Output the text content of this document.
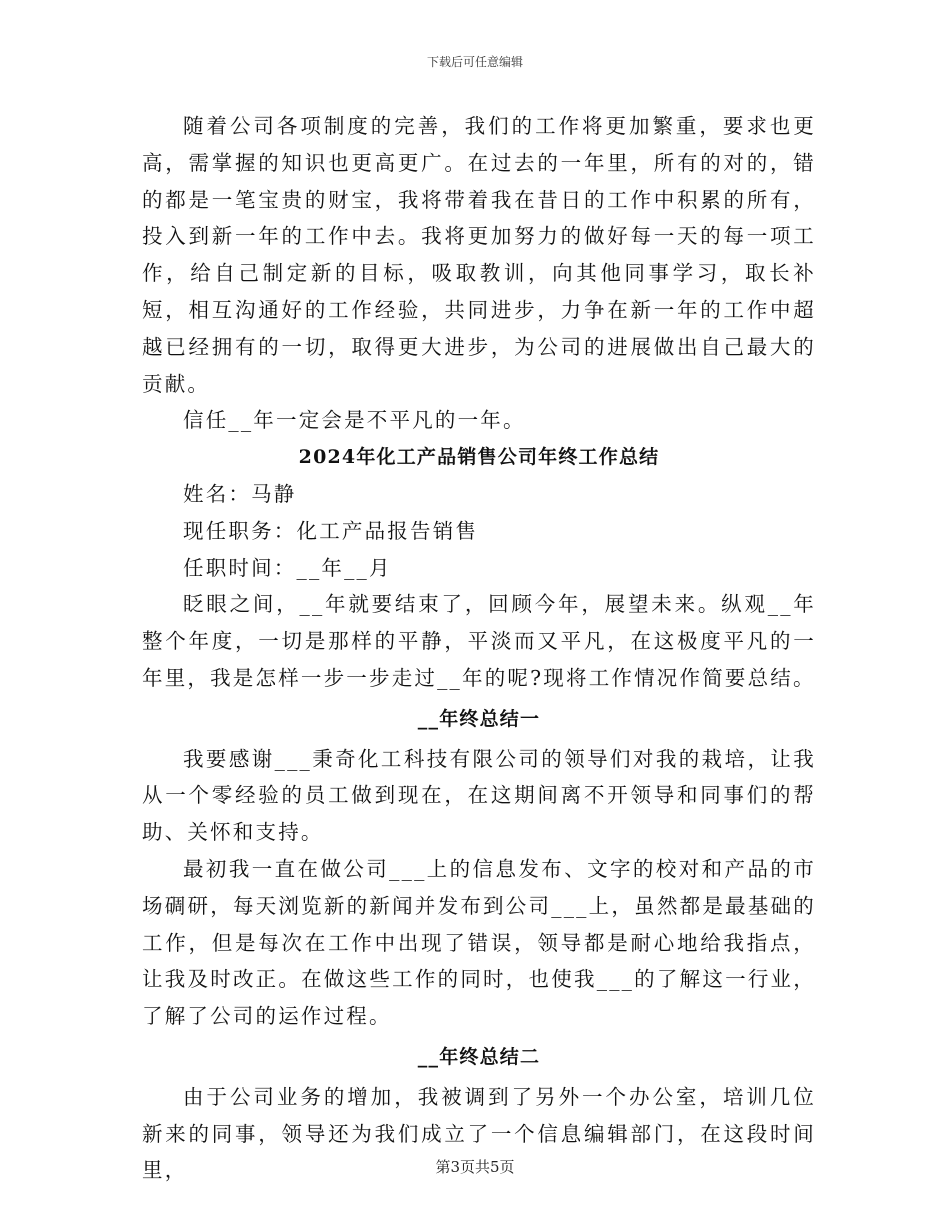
下载后可任意编辑

随着公司各项制度的完善，我们的工作将更加繁重，要求也更高，需掌握的知识也更高更广。在过去的一年里，所有的对的，错的都是一笔宝贵的财宝，我将带着我在昔日的工作中积累的所有，投入到新一年的工作中去。我将更加努力的做好每一天的每一项工作，给自己制定新的目标，吸取教训，向其他同事学习，取长补短，相互沟通好的工作经验，共同进步，力争在新一年的工作中超越已经拥有的一切，取得更大进步，为公司的进展做出自己最大的贡献。

信任__年一定会是不平凡的一年。

2024年化工产品销售公司年终工作总结

姓名：马静

现任职务：化工产品报告销售

任职时间：__年__月

眨眼之间，__年就要结束了，回顾今年，展望未来。纵观__年整个年度，一切是那样的平静，平淡而又平凡，在这极度平凡的一年里，我是怎样一步一步走过__年的呢?现将工作情况作简要总结。

__年终总结一

我要感谢___秉奇化工科技有限公司的领导们对我的栽培，让我从一个零经验的员工做到现在，在这期间离不开领导和同事们的帮助、关怀和支持。

最初我一直在做公司___上的信息发布、文字的校对和产品的市场碉研，每天浏览新的新闻并发布到公司___上，虽然都是最基础的工作，但是每次在工作中出现了错误，领导都是耐心地给我指点，让我及时改正。在做这些工作的同时，也使我___的了解这一行业，了解了公司的运作过程。

__年终总结二

由于公司业务的增加，我被调到了另外一个办公室，培训几位新来的同事，领导还为我们成立了一个信息编辑部门，在这段时间里，	第3页共5页
